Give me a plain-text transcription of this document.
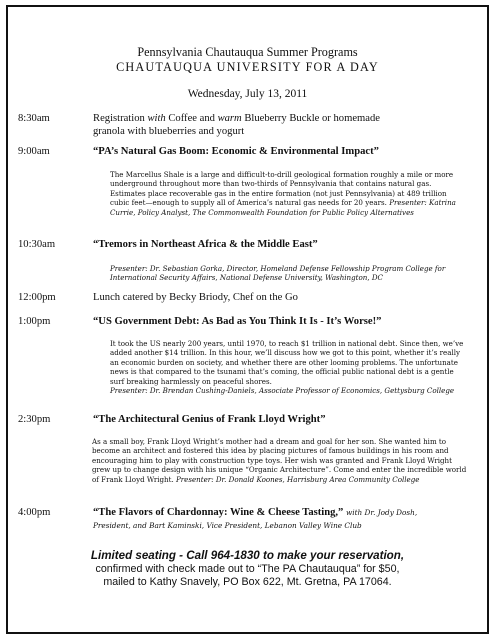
Pennsylvania Chautauqua Summer Programs
CHAUTAUQUA UNIVERSITY FOR A DAY
Wednesday, July 13, 2011
8:30am	Registration with Coffee and warm Blueberry Buckle or homemade
granola with blueberries and yogurt
9:00am	“PA’s Natural Gas Boom: Economic & Environmental Impact”
The Marcellus Shale is a large and difficult-to-drill geological formation roughly a mile or more underground throughout more than two-thirds of Pennsylvania that contains natural gas. Estimates place recoverable gas in the entire formation (not just Pennsylvania) at 489 trillion cubic feet—enough to supply all of America’s natural gas needs for 20 years. Presenter: Katrina Currie, Policy Analyst, The Commonwealth Foundation for Public Policy Alternatives
10:30am	“Tremors in Northeast Africa & the Middle East”
Presenter: Dr. Sebastian Gorka, Director, Homeland Defense Fellowship Program College for International Security Affairs, National Defense University, Washington, DC
12:00pm	Lunch catered by Becky Briody, Chef on the Go
1:00pm	“US Government Debt: As Bad as You Think It Is - It’s Worse!”
It took the US nearly 200 years, until 1970, to reach $1 trillion in national debt. Since then, we’ve added another $14 trillion. In this hour, we’ll discuss how we got to this point, whether it’s really an economic burden on society, and whether there are other looming problems. The unfortunate news is that compared to the tsunami that’s coming, the official public national debt is a gentle surf breaking harmlessly on peaceful shores.
Presenter: Dr. Brendan Cushing-Daniels, Associate Professor of Economics, Gettysburg College
2:30pm	“The Architectural Genius of Frank Lloyd Wright”
As a small boy, Frank Lloyd Wright’s mother had a dream and goal for her son. She wanted him to become an architect and fostered this idea by placing pictures of famous buildings in his room and encouraging him to play with construction type toys. Her wish was granted and Frank Lloyd Wright grew up to change design with his unique “Organic Architecture”. Come and enter the incredible world of Frank Lloyd Wright. Presenter: Dr. Donald Koones, Harrisburg Area Community College
4:00pm	“The Flavors of Chardonnay: Wine & Cheese Tasting,” with Dr. Jody Dosh,
President, and Bart Kaminski, Vice President, Lebanon Valley Wine Club
Limited seating - Call 964-1830 to make your reservation,
confirmed with check made out to “The PA Chautauqua” for $50,
mailed to Kathy Snavely, PO Box 622, Mt. Gretna, PA 17064.
